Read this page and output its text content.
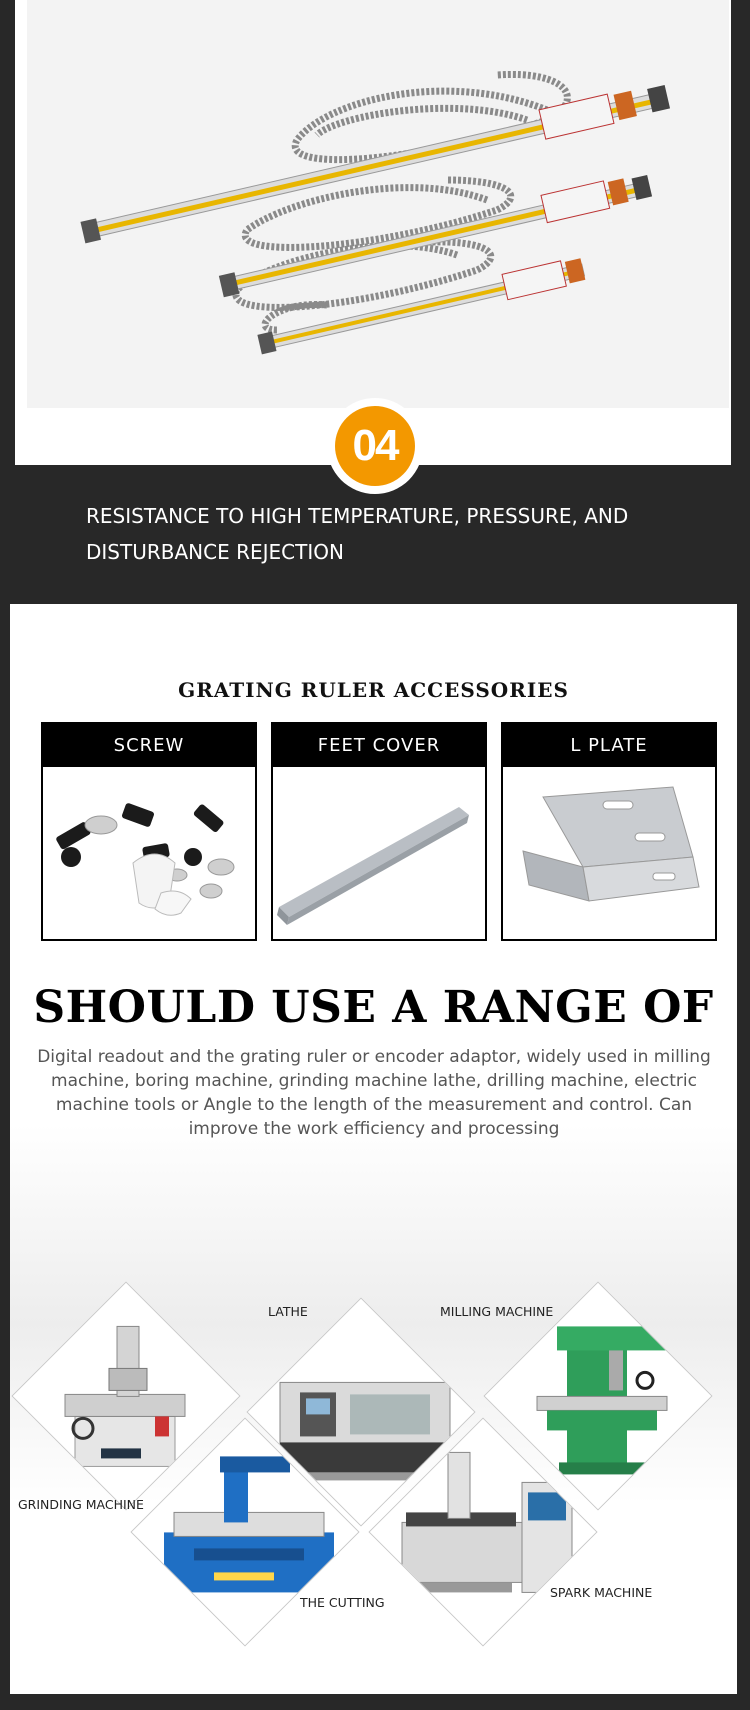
04
RESISTANCE TO HIGH TEMPERATURE, PRESSURE, AND
DISTURBANCE REJECTION
GRATING RULER ACCESSORIES
SCREW	FEET COVER	L PLATE
SHOULD USE A RANGE OF
Digital readout and the grating ruler or encoder adaptor, widely used in milling machine, boring machine, grinding machine lathe, drilling machine, electric machine tools or Angle to the length of the measurement and control. Can improve the work efficiency and processing
LATHE	MILLING MACHINE
GRINDING MACHINE
THE CUTTING
SPARK MACHINE
